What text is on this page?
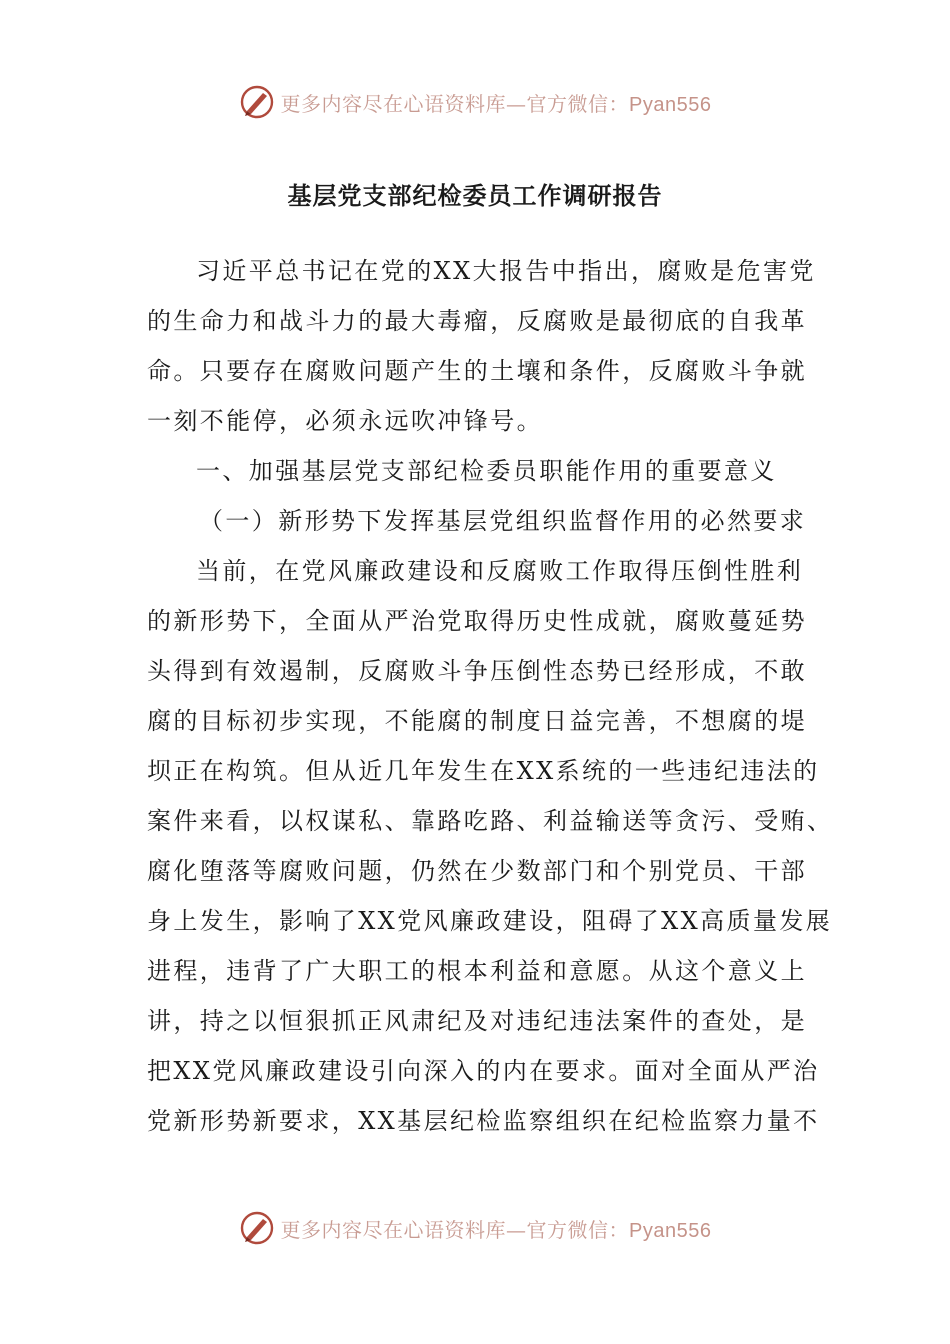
更多内容尽在心语资料库—官方微信：Pyan556
基层党支部纪检委员工作调研报告
习近平总书记在党的XX大报告中指出，腐败是危害党
的生命力和战斗力的最大毒瘤，反腐败是最彻底的自我革
命。只要存在腐败问题产生的土壤和条件，反腐败斗争就
一刻不能停，必须永远吹冲锋号。
一、加强基层党支部纪检委员职能作用的重要意义
（一）新形势下发挥基层党组织监督作用的必然要求
当前，在党风廉政建设和反腐败工作取得压倒性胜利
的新形势下，全面从严治党取得历史性成就，腐败蔓延势
头得到有效遏制，反腐败斗争压倒性态势已经形成，不敢
腐的目标初步实现，不能腐的制度日益完善，不想腐的堤
坝正在构筑。但从近几年发生在XX系统的一些违纪违法的
案件来看，以权谋私、靠路吃路、利益输送等贪污、受贿、
腐化堕落等腐败问题，仍然在少数部门和个别党员、干部
身上发生，影响了XX党风廉政建设，阻碍了XX高质量发展
进程，违背了广大职工的根本利益和意愿。从这个意义上
讲，持之以恒狠抓正风肃纪及对违纪违法案件的查处，是
把XX党风廉政建设引向深入的内在要求。面对全面从严治
党新形势新要求，XX基层纪检监察组织在纪检监察力量不
更多内容尽在心语资料库—官方微信：Pyan556
